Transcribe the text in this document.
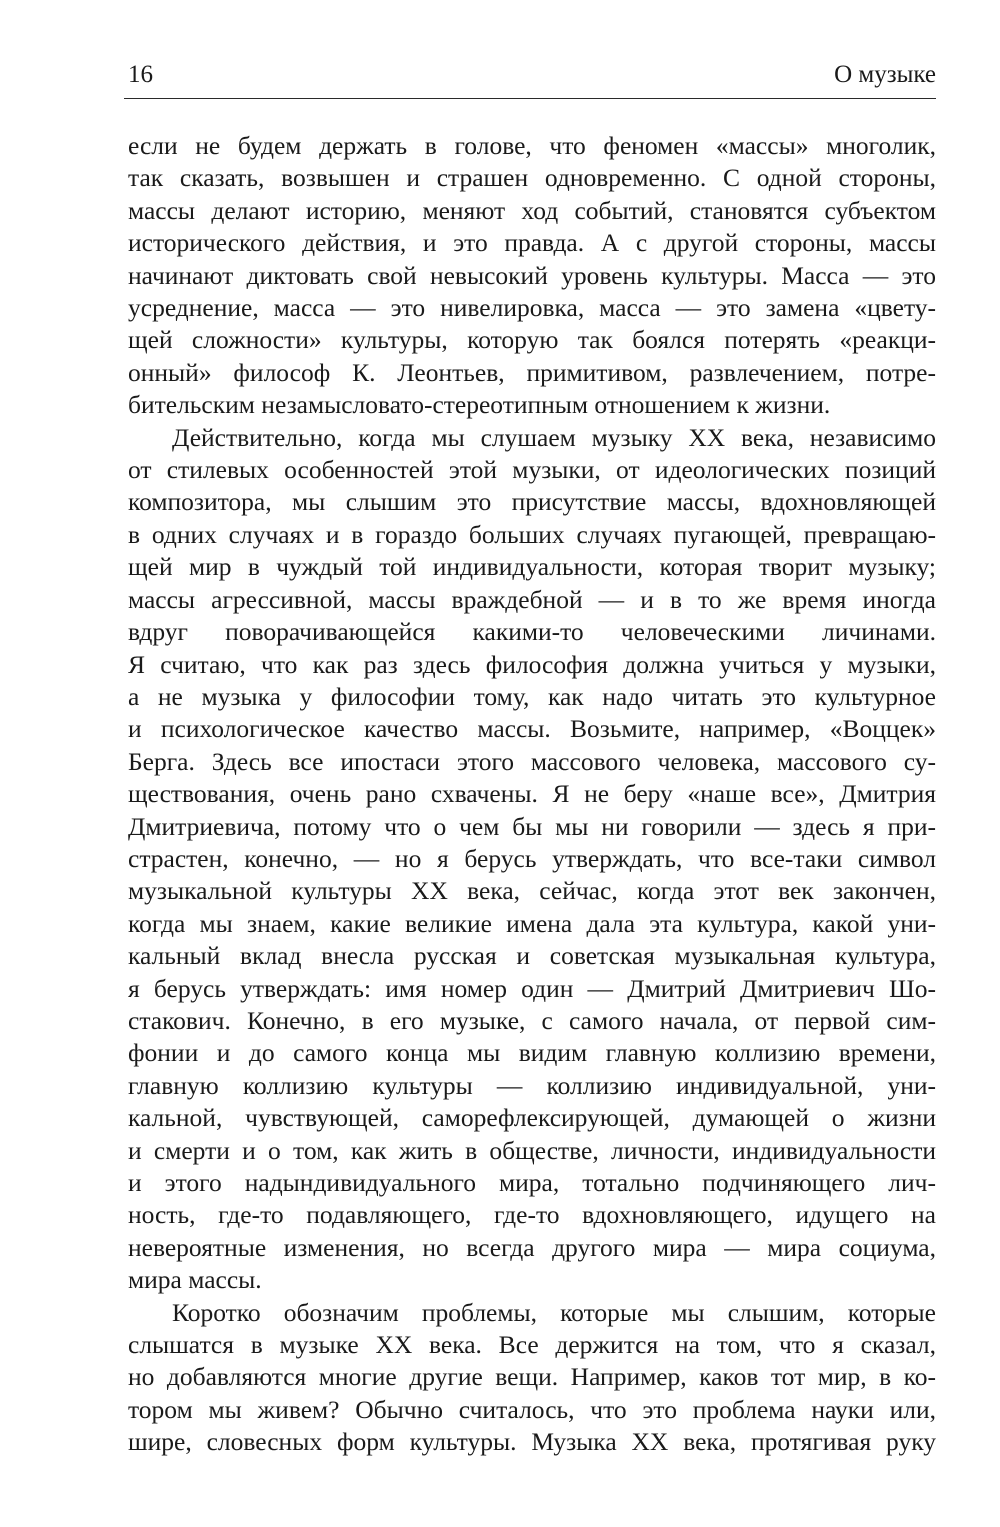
16	О музыке
если не будем держать в голове, что феномен «массы» многолик,
так сказать, возвышен и страшен одновременно. С одной стороны,
массы делают историю, меняют ход событий, становятся субъектом
исторического действия, и это правда. А с другой стороны, массы
начинают диктовать свой невысокий уровень культуры. Масса — это
усреднение, масса — это нивелировка, масса — это замена «цвету-
щей сложности» культуры, которую так боялся потерять «реакци-
онный» философ К. Леонтьев, примитивом, развлечением, потре-
бительским незамысловато-стереотипным отношением к жизни.
Действительно, когда мы слушаем музыку XX века, независимо
от стилевых особенностей этой музыки, от идеологических позиций
композитора, мы слышим это присутствие массы, вдохновляющей
в одних случаях и в гораздо больших случаях пугающей, превращаю-
щей мир в чуждый той индивидуальности, которая творит музыку;
массы агрессивной, массы враждебной — и в то же время иногда
вдруг поворачивающейся какими-то человеческими личинами.
Я считаю, что как раз здесь философия должна учиться у музыки,
а не музыка у философии тому, как надо читать это культурное
и психологическое качество массы. Возьмите, например, «Воццек»
Берга. Здесь все ипостаси этого массового человека, массового су-
ществования, очень рано схвачены. Я не беру «наше все», Дмитрия
Дмитриевича, потому что о чем бы мы ни говорили — здесь я при-
страстен, конечно, — но я берусь утверждать, что все-таки символ
музыкальной культуры XX века, сейчас, когда этот век закончен,
когда мы знаем, какие великие имена дала эта культура, какой уни-
кальный вклад внесла русская и советская музыкальная культура,
я берусь утверждать: имя номер один — Дмитрий Дмитриевич Шо-
стакович. Конечно, в его музыке, с самого начала, от первой сим-
фонии и до самого конца мы видим главную коллизию времени,
главную коллизию культуры — коллизию индивидуальной, уни-
кальной, чувствующей, саморефлексирующей, думающей о жизни
и смерти и о том, как жить в обществе, личности, индивидуальности
и этого надындивидуального мира, тотально подчиняющего лич-
ность, где-то подавляющего, где-то вдохновляющего, идущего на
невероятные изменения, но всегда другого мира — мира социума,
мира массы.
Коротко обозначим проблемы, которые мы слышим, которые
слышатся в музыке XX века. Все держится на том, что я сказал,
но добавляются многие другие вещи. Например, каков тот мир, в ко-
тором мы живем? Обычно считалось, что это проблема науки или,
шире, словесных форм культуры. Музыка XX века, протягивая руку
